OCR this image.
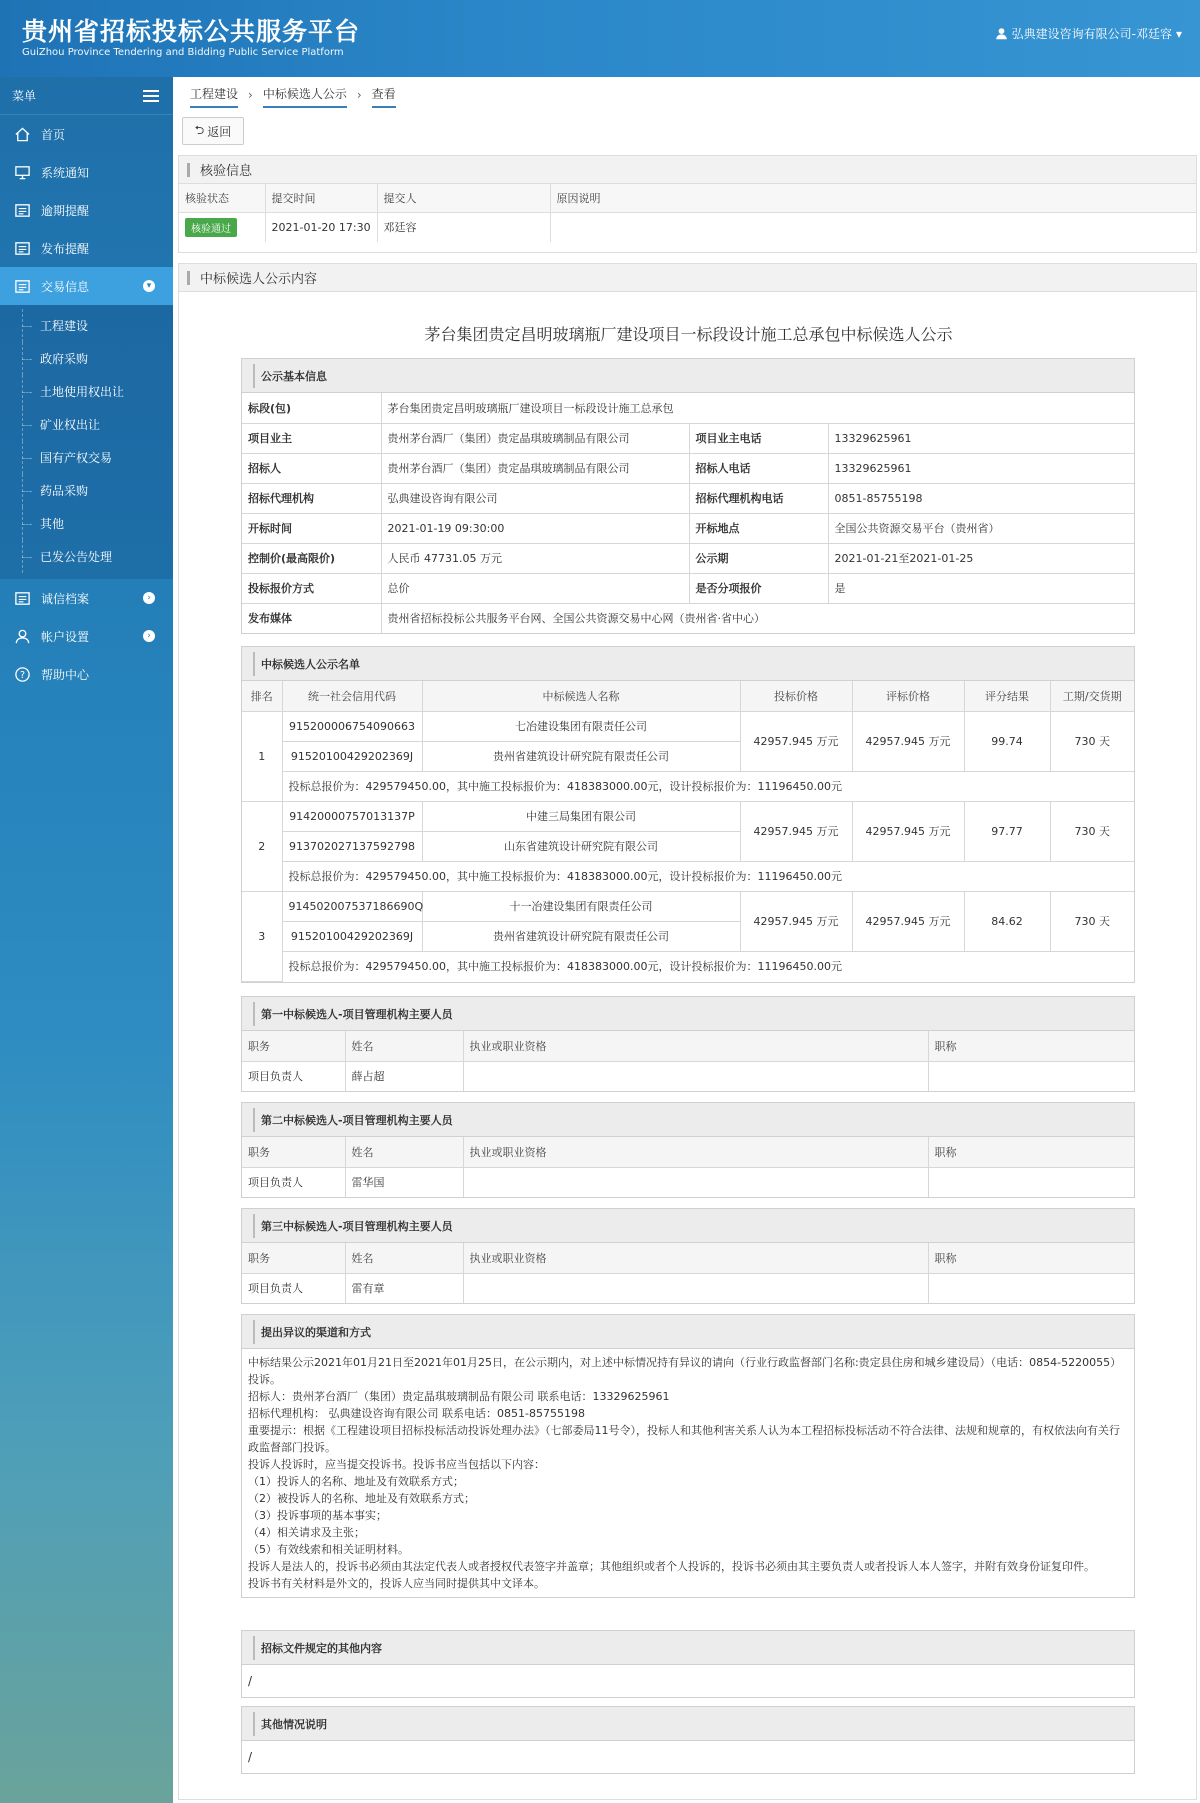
贵州省招标投标公共服务平台
GuiZhou Province Tendering and Bidding Public Service Platform
弘典建设咨询有限公司-邓廷容 ▾
菜单
首页
系统通知
逾期提醒
发布提醒
交易信息	▾
工程建设
政府采购
土地使用权出让
矿业权出让
国有产权交易
药品采购
其他
已发公告处理
诚信档案	›
帐户设置	›
? 帮助中心
工程建设 › 中标候选人公示 › 查看
⮌ 返回
核验信息
核验状态	提交时间	提交人	原因说明
核验通过	2021-01-20 17:30	邓廷容	
中标候选人公示内容
茅台集团贵定昌明玻璃瓶厂建设项目一标段设计施工总承包中标候选人公示
公示基本信息
标段(包)	茅台集团贵定昌明玻璃瓶厂建设项目一标段设计施工总承包		
项目业主	贵州茅台酒厂（集团）贵定晶琪玻璃制品有限公司	项目业主电话	13329625961
招标人	贵州茅台酒厂（集团）贵定晶琪玻璃制品有限公司	招标人电话	13329625961
招标代理机构	弘典建设咨询有限公司	招标代理机构电话	0851-85755198
开标时间	2021-01-19 09:30:00	开标地点	全国公共资源交易平台（贵州省）
控制价(最高限价)	人民币 47731.05 万元	公示期	2021-01-21至2021-01-25
投标报价方式	总价	是否分项报价	是
发布媒体	贵州省招标投标公共服务平台网、全国公共资源交易中心网（贵州省·省中心）		
中标候选人公示名单
排名	统一社会信用代码	中标候选人名称	投标价格	评标价格	评分结果	工期/交货期
1	915200006754090663	七冶建设集团有限责任公司	42957.945 万元	42957.945 万元	99.74	730 天
	91520100429202369J	贵州省建筑设计研究院有限责任公司				
	投标总报价为：429579450.00，其中施工投标报价为：418383000.00元，设计投标报价为：11196450.00元					
2	91420000757013137P	中建三局集团有限公司	42957.945 万元	42957.945 万元	97.77	730 天
	913702027137592798	山东省建筑设计研究院有限公司				
	投标总报价为：429579450.00，其中施工投标报价为：418383000.00元，设计投标报价为：11196450.00元					
3	914502007537186690Q	十一冶建设集团有限责任公司	42957.945 万元	42957.945 万元	84.62	730 天
	91520100429202369J	贵州省建筑设计研究院有限责任公司				
	投标总报价为：429579450.00，其中施工投标报价为：418383000.00元，设计投标报价为：11196450.00元					
第一中标候选人-项目管理机构主要人员
职务	姓名	执业或职业资格	职称
项目负责人	薛占超		
第二中标候选人-项目管理机构主要人员
职务	姓名	执业或职业资格	职称
项目负责人	雷华国		
第三中标候选人-项目管理机构主要人员
职务	姓名	执业或职业资格	职称
项目负责人	雷有章		
提出异议的渠道和方式
中标结果公示2021年01月21日至2021年01月25日，在公示期内，对上述中标情况持有异议的请向（行业行政监督部门名称:贵定县住房和城乡建设局）（电话：0854-5220055）投诉。
招标人：贵州茅台酒厂（集团）贵定晶琪玻璃制品有限公司 联系电话：13329625961
招标代理机构： 弘典建设咨询有限公司 联系电话：0851-85755198
重要提示：根据《工程建设项目招标投标活动投诉处理办法》（七部委局11号令），投标人和其他利害关系人认为本工程招标投标活动不符合法律、法规和规章的，有权依法向有关行政监督部门投诉。
投诉人投诉时，应当提交投诉书。投诉书应当包括以下内容：
（1）投诉人的名称、地址及有效联系方式；
（2）被投诉人的名称、地址及有效联系方式；
（3）投诉事项的基本事实；
（4）相关请求及主张；
（5）有效线索和相关证明材料。
投诉人是法人的，投诉书必须由其法定代表人或者授权代表签字并盖章；其他组织或者个人投诉的，投诉书必须由其主要负责人或者投诉人本人签字，并附有效身份证复印件。
投诉书有关材料是外文的，投诉人应当同时提供其中文译本。
招标文件规定的其他内容
/
其他情况说明
/
